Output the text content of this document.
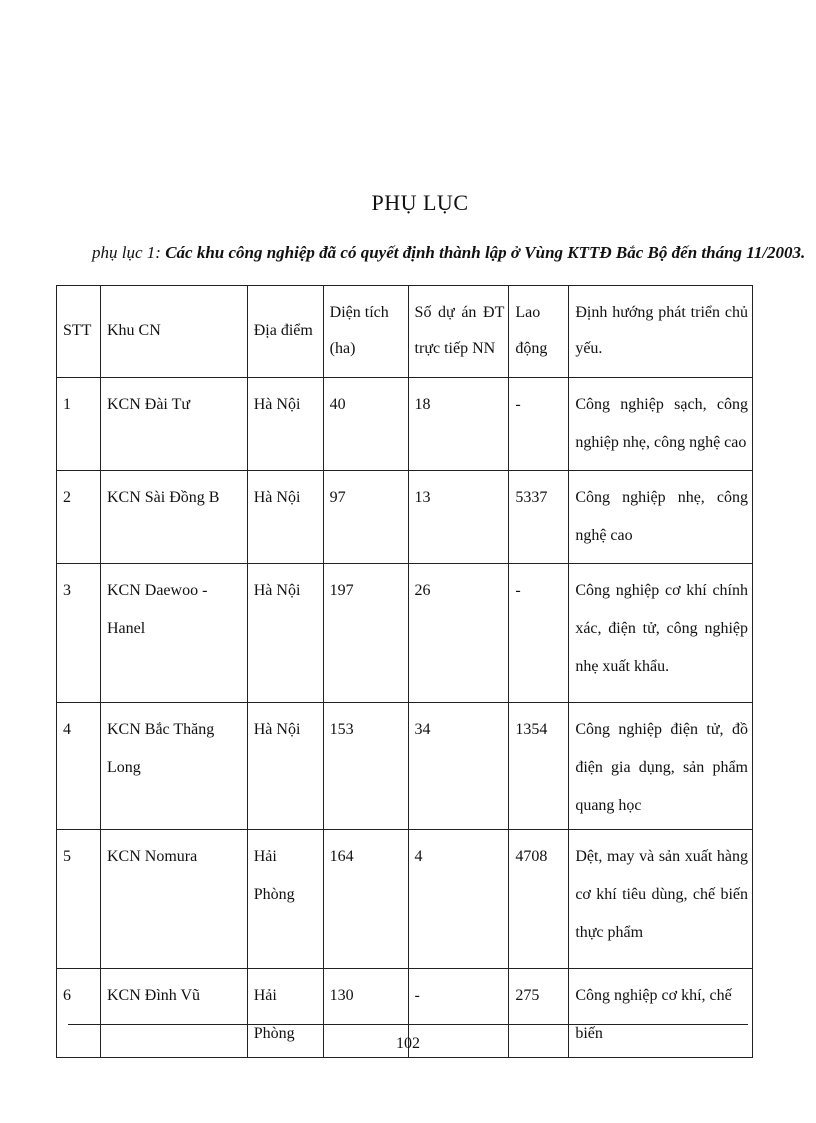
PHỤ LỤC
phụ lục 1: Các khu công nghiệp đã có quyết định thành lập ở Vùng KTTĐ Bắc Bộ đến tháng 11/2003.
STT	Khu CN	Địa điểm	Diện tích (ha)	Số dự án ĐT trực tiếp NN	Lao động	Định hướng phát triển chủ yếu.
1	KCN Đài Tư	Hà Nội	40	18	-	Công nghiệp sạch, công nghiệp nhẹ, công nghệ cao
2	KCN Sài Đồng B	Hà Nội	97	13	5337	Công nghiệp nhẹ, công nghệ cao
3	KCN Daewoo - Hanel	Hà Nội	197	26	-	Công nghiệp cơ khí chính xác, điện tử, công nghiệp nhẹ xuất khẩu.
4	KCN Bắc Thăng Long	Hà Nội	153	34	1354	Công nghiệp điện tử, đồ điện gia dụng, sản phẩm quang học
5	KCN Nomura	Hải Phòng	164	4	4708	Dệt, may và sản xuất hàng cơ khí tiêu dùng, chế biến thực phẩm
6	KCN Đình Vũ	Hải Phòng	130	-	275	Công nghiệp cơ khí, chế biến
102
